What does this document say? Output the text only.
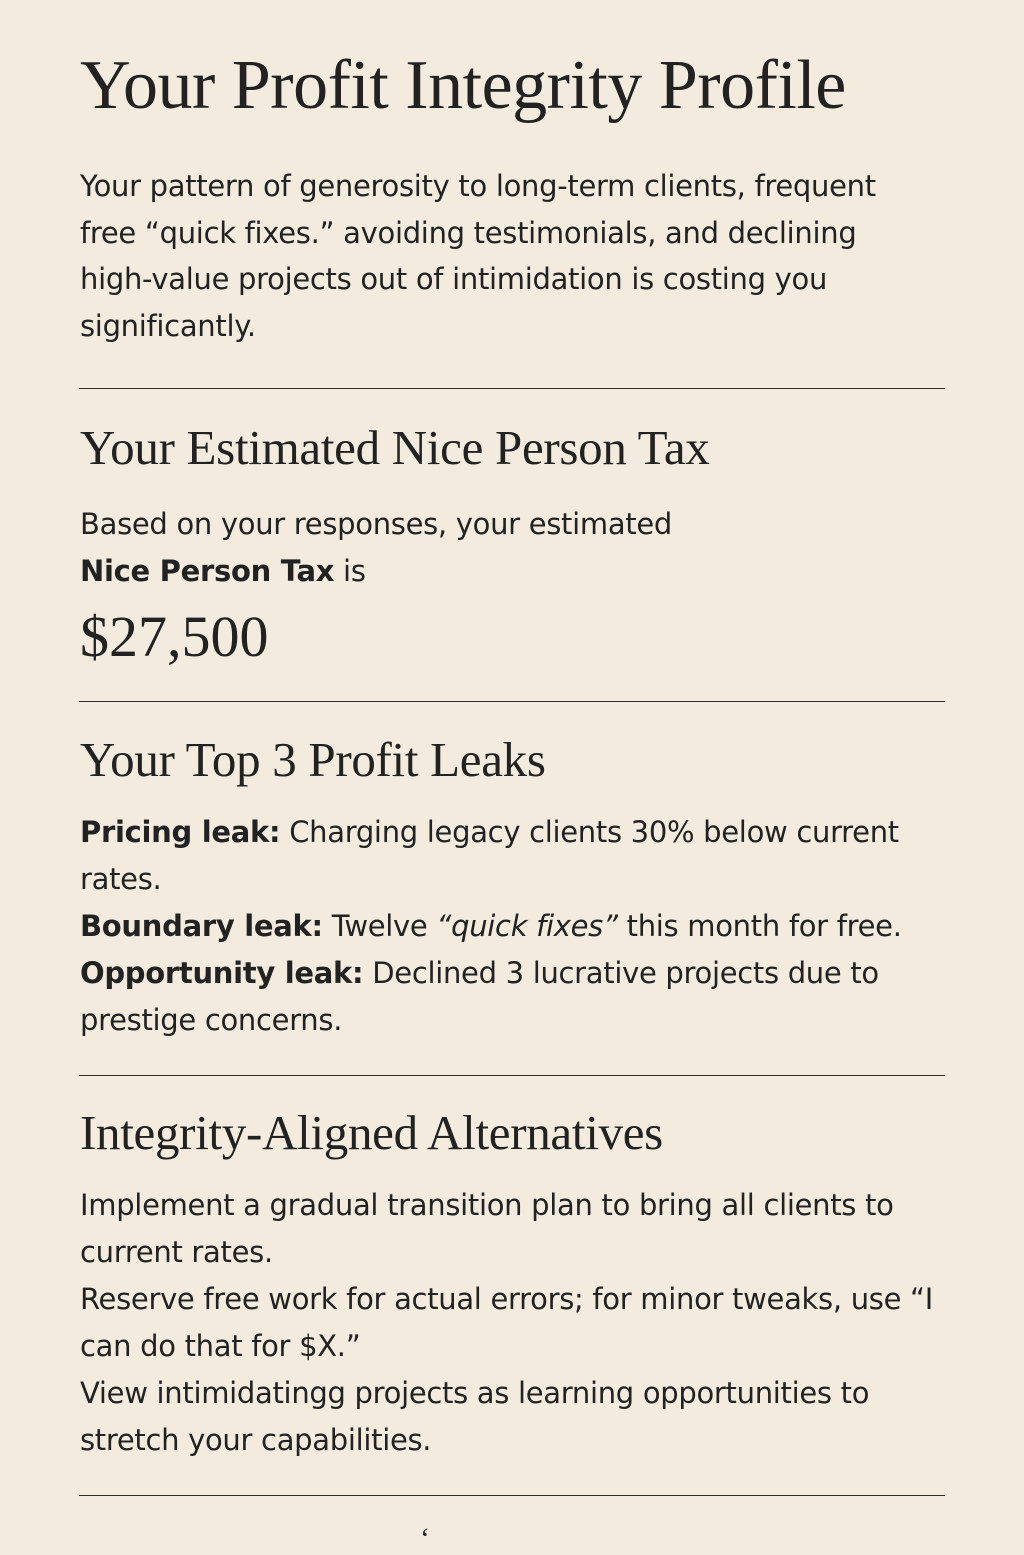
Your Profit Integrity Profile

Your pattern of generosity to long-term clients, frequent free “quick fixes.” avoiding testimonials, and declining high-value projects out of intimidation is costing you significantly.

Your Estimated Nice Person Tax

Based on your responses, your estimated

Nice Person Tax is

$27,500
Your Top 3 Profit Leaks

Pricing leak: Charging legacy clients 30% below current rates.

Boundary leak: Twelve “quick fixes” this month for free.

Opportunity leak: Declined 3 lucrative projects due to prestige concerns.

Integrity-Aligned Alternatives

Implement a gradual transition plan to bring all clients to current rates.

Reserve free work for actual errors; for minor tweaks, use “I can do that for $X.”

View intimidatingg projects as learning opportunities to stretch your capabilities.

ʻ
